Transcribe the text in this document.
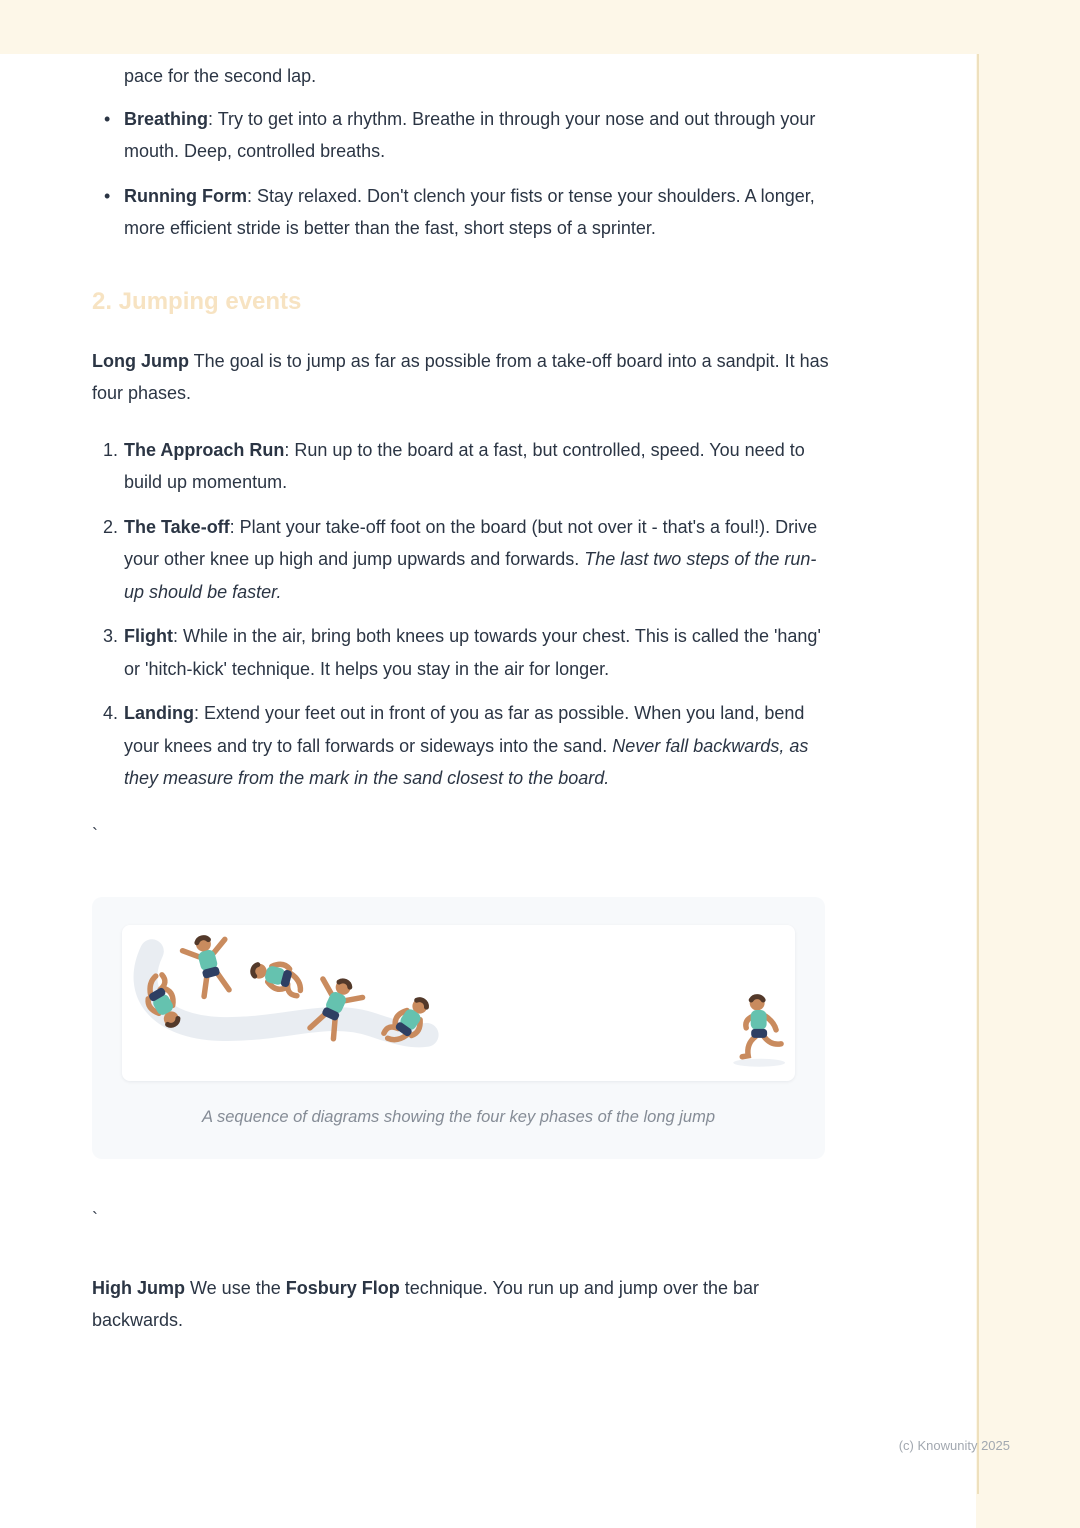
pace for the second lap.

• Breathing: Try to get into a rhythm. Breathe in through your nose and out through your mouth. Deep, controlled breaths.
• Running Form: Stay relaxed. Don't clench your fists or tense your shoulders. A longer, more efficient stride is better than the fast, short steps of a sprinter.
2. Jumping events

Long Jump The goal is to jump as far as possible from a take-off board into a sandpit. It has four phases.

1. The Approach Run: Run up to the board at a fast, but controlled, speed. You need to build up momentum.
2. The Take-off: Plant your take-off foot on the board (but not over it - that's a foul!). Drive your other knee up high and jump upwards and forwards. The last two steps of the run-up should be faster.
3. Flight: While in the air, bring both knees up towards your chest. This is called the 'hang' or 'hitch-kick' technique. It helps you stay in the air for longer.
4. Landing: Extend your feet out in front of you as far as possible. When you land, bend your knees and try to fall forwards or sideways into the sand. Never fall backwards, as they measure from the mark in the sand closest to the board.

`

A sequence of diagrams showing the four key phases of the long jump

`

High Jump We use the Fosbury Flop technique. You run up and jump over the bar backwards.

(c) Knowunity 2025
